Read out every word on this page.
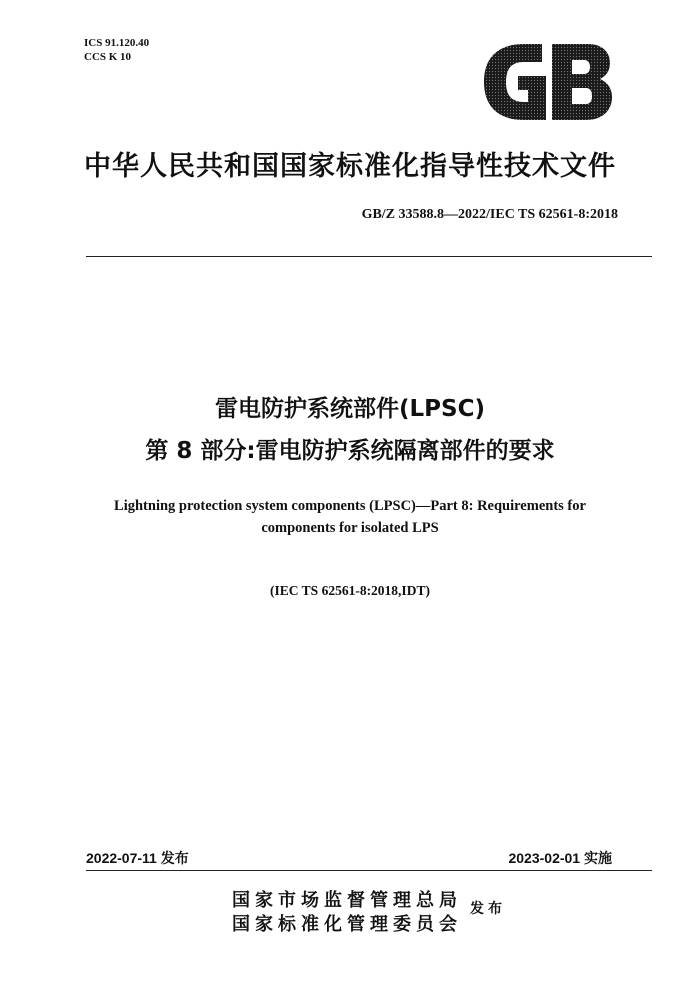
ICS 91.120.40
CCS K 10
中华人民共和国国家标准化指导性技术文件
GB/Z 33588.8—2022/IEC TS 62561-8:2018
雷电防护系统部件(LPSC)
第 8 部分:雷电防护系统隔离部件的要求
Lightning protection system components (LPSC)—Part 8: Requirements for
components for isolated LPS
(IEC TS 62561-8:2018,IDT)
2022-07-11 发布	2023-02-01 实施
国家市场监督管理总局
国家标准化管理委员会
发布
